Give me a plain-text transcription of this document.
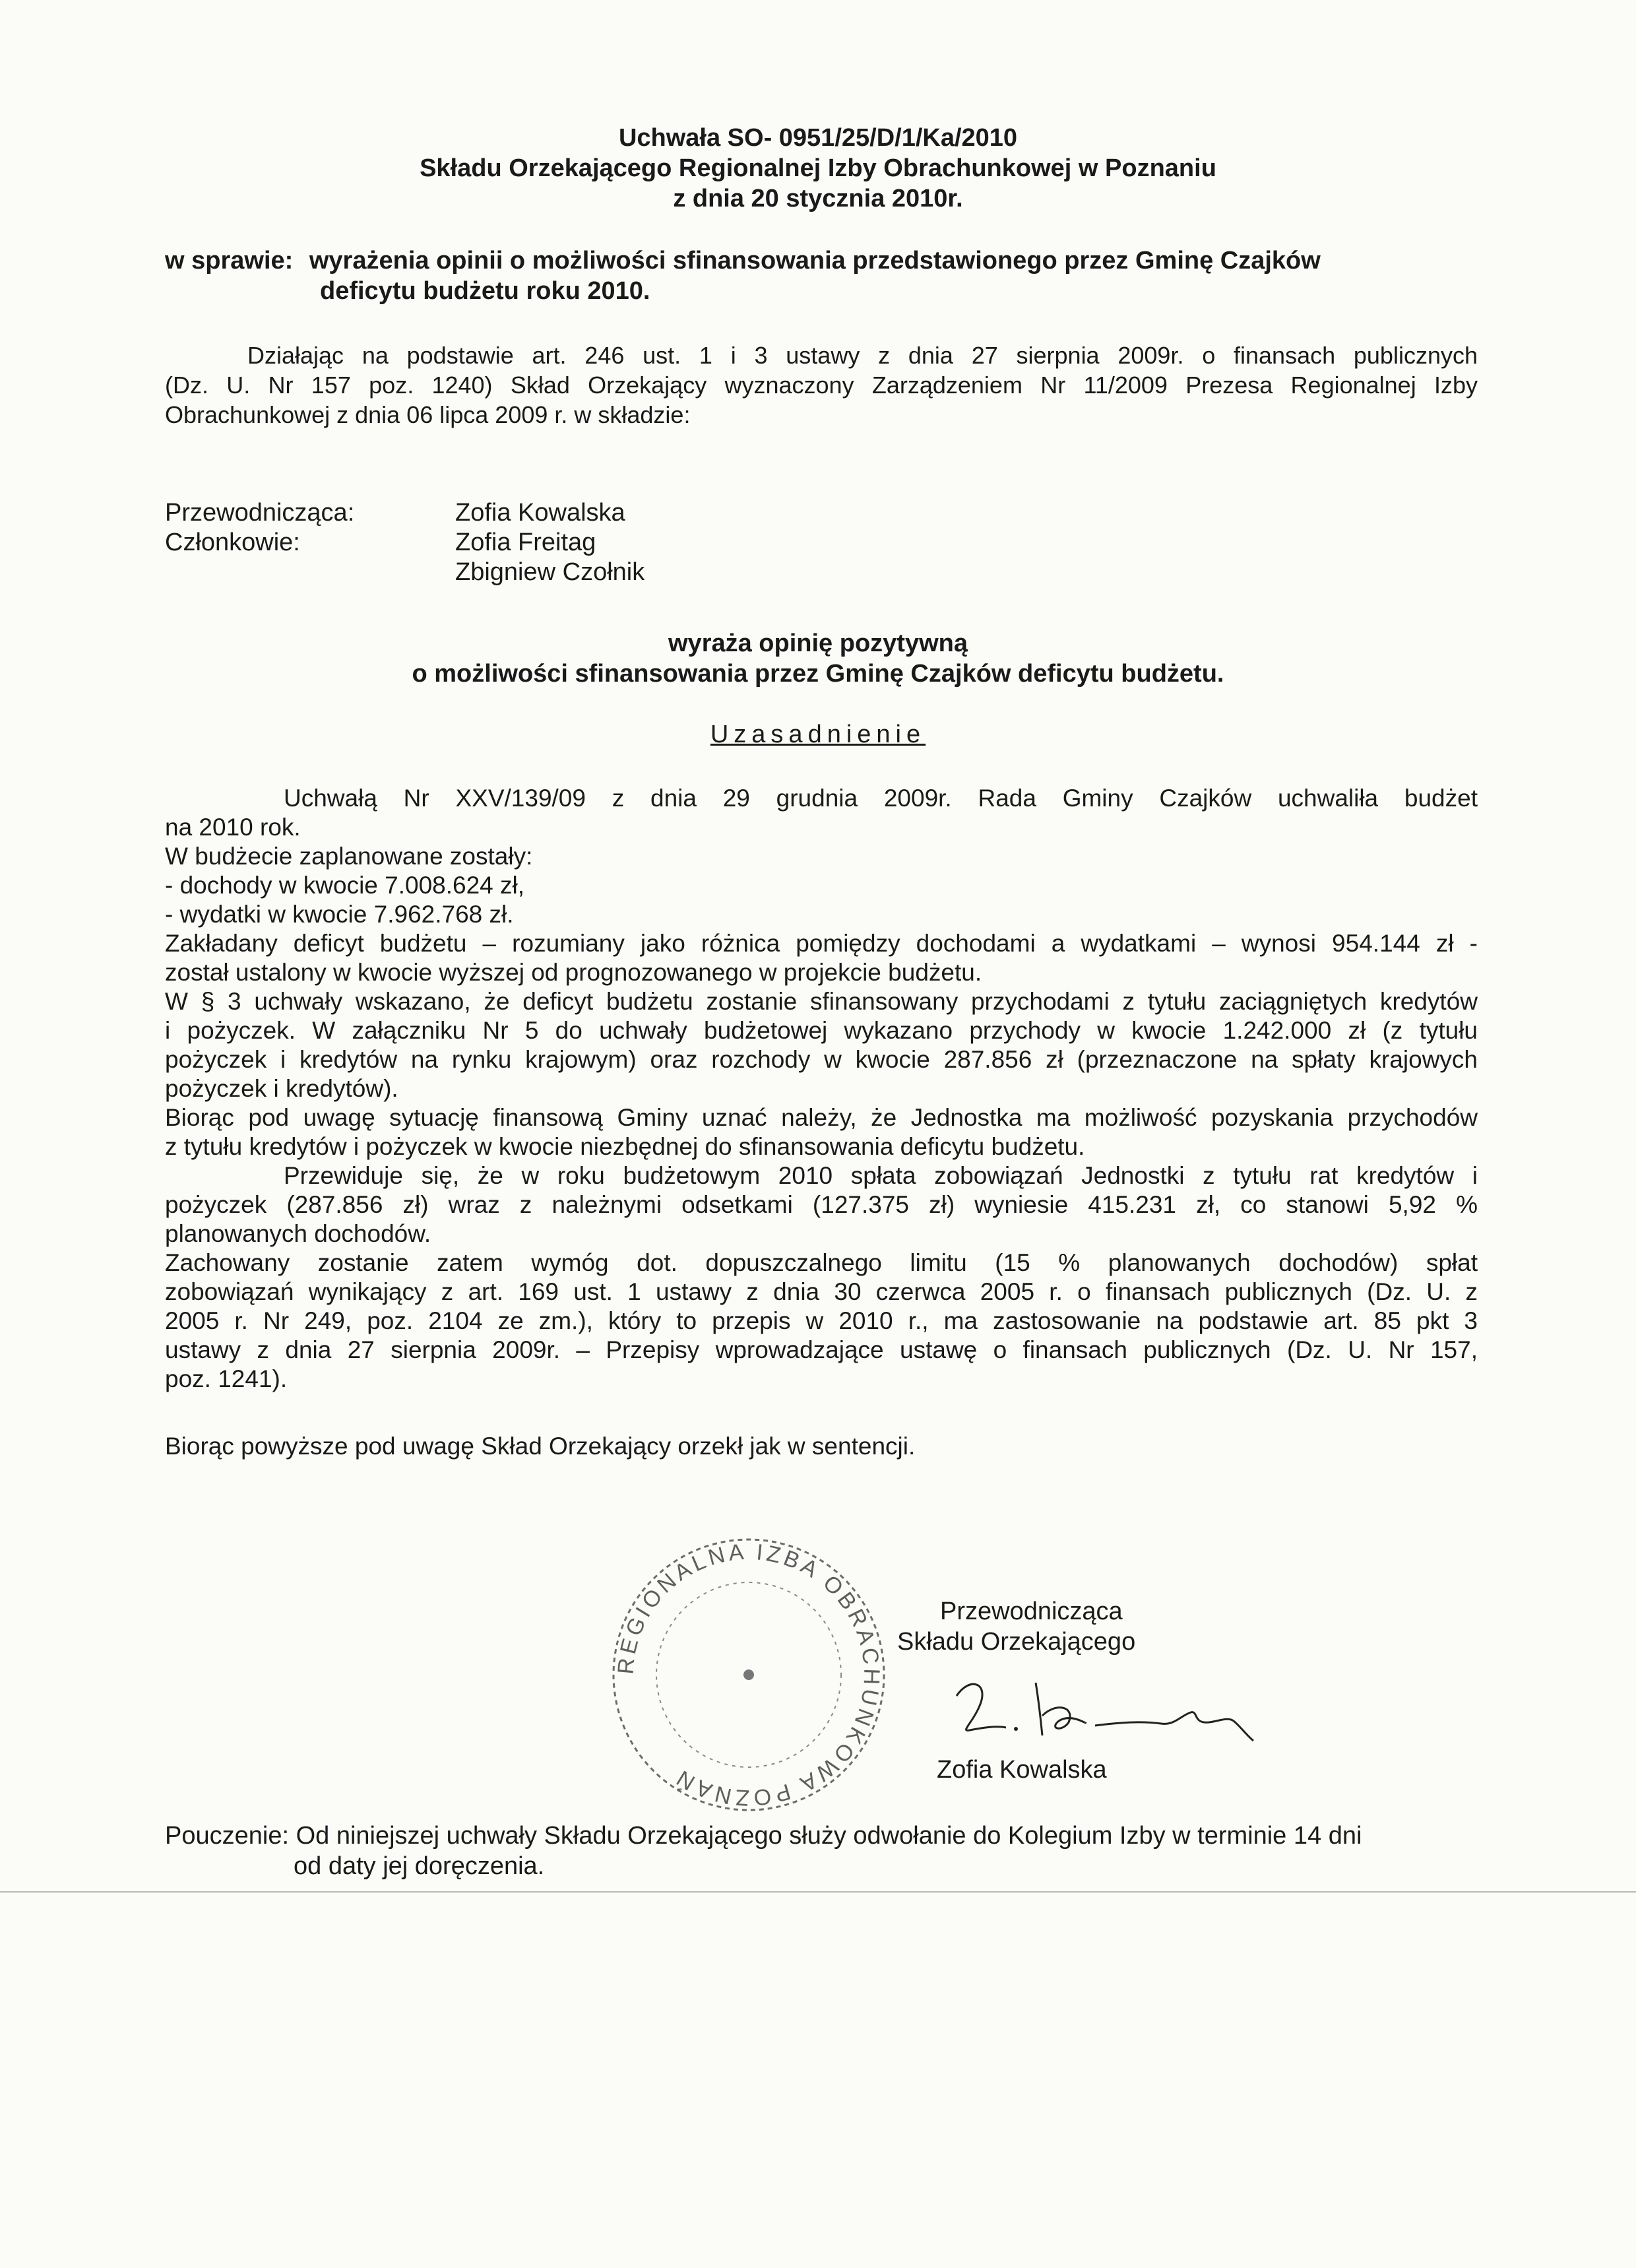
Uchwała SO- 0951/25/D/1/Ka/2010
Składu Orzekającego Regionalnej Izby Obrachunkowej w Poznaniu
z dnia 20 stycznia 2010r.
w sprawie: wyrażenia opinii o możliwości sfinansowania przedstawionego przez Gminę Czajków
deficytu budżetu roku 2010.
Działając na podstawie art. 246 ust. 1 i 3 ustawy z dnia 27 sierpnia 2009r. o finansach publicznych
(Dz. U. Nr 157 poz. 1240) Skład Orzekający wyznaczony Zarządzeniem Nr 11/2009 Prezesa Regionalnej Izby
Obrachunkowej z dnia 06 lipca 2009 r. w składzie:
Przewodnicząca:	Zofia Kowalska
Członkowie:	Zofia Freitag
Zbigniew Czołnik
wyraża opinię pozytywną
o możliwości sfinansowania przez Gminę Czajków deficytu budżetu.
Uzasadnienie
Uchwałą Nr XXV/139/09 z dnia 29 grudnia 2009r. Rada Gminy Czajków uchwaliła budżet
na 2010 rok.
W budżecie zaplanowane zostały:
- dochody w kwocie 7.008.624 zł,
- wydatki w kwocie 7.962.768 zł.
Zakładany deficyt budżetu – rozumiany jako różnica pomiędzy dochodami a wydatkami – wynosi 954.144 zł -
został ustalony w kwocie wyższej od prognozowanego w projekcie budżetu.
W § 3 uchwały wskazano, że deficyt budżetu zostanie sfinansowany przychodami z tytułu zaciągniętych kredytów
i pożyczek. W załączniku Nr 5 do uchwały budżetowej wykazano przychody w kwocie 1.242.000 zł (z tytułu
pożyczek i kredytów na rynku krajowym) oraz rozchody w kwocie 287.856 zł (przeznaczone na spłaty krajowych
pożyczek i kredytów).
Biorąc pod uwagę sytuację finansową Gminy uznać należy, że Jednostka ma możliwość pozyskania przychodów
z tytułu kredytów i pożyczek w kwocie niezbędnej do sfinansowania deficytu budżetu.
Przewiduje się, że w roku budżetowym 2010 spłata zobowiązań Jednostki z tytułu rat kredytów i
pożyczek (287.856 zł) wraz z należnymi odsetkami (127.375 zł) wyniesie 415.231 zł, co stanowi 5,92 %
planowanych dochodów.
Zachowany zostanie zatem wymóg dot. dopuszczalnego limitu (15 % planowanych dochodów) spłat
zobowiązań wynikający z art. 169 ust. 1 ustawy z dnia 30 czerwca 2005 r. o finansach publicznych (Dz. U. z
2005 r. Nr 249, poz. 2104 ze zm.), który to przepis w 2010 r., ma zastosowanie na podstawie art. 85 pkt 3
ustawy z dnia 27 sierpnia 2009r. – Przepisy wprowadzające ustawę o finansach publicznych (Dz. U. Nr 157,
poz. 1241).
Biorąc powyższe pod uwagę Skład Orzekający orzekł jak w sentencji.
REGIONALNA IZBA OBRACHUNKOWA POZNAŃ
Przewodnicząca
Składu Orzekającego
Zofia Kowalska
Pouczenie: Od niniejszej uchwały Składu Orzekającego służy odwołanie do Kolegium Izby w terminie 14 dni
od daty jej doręczenia.
